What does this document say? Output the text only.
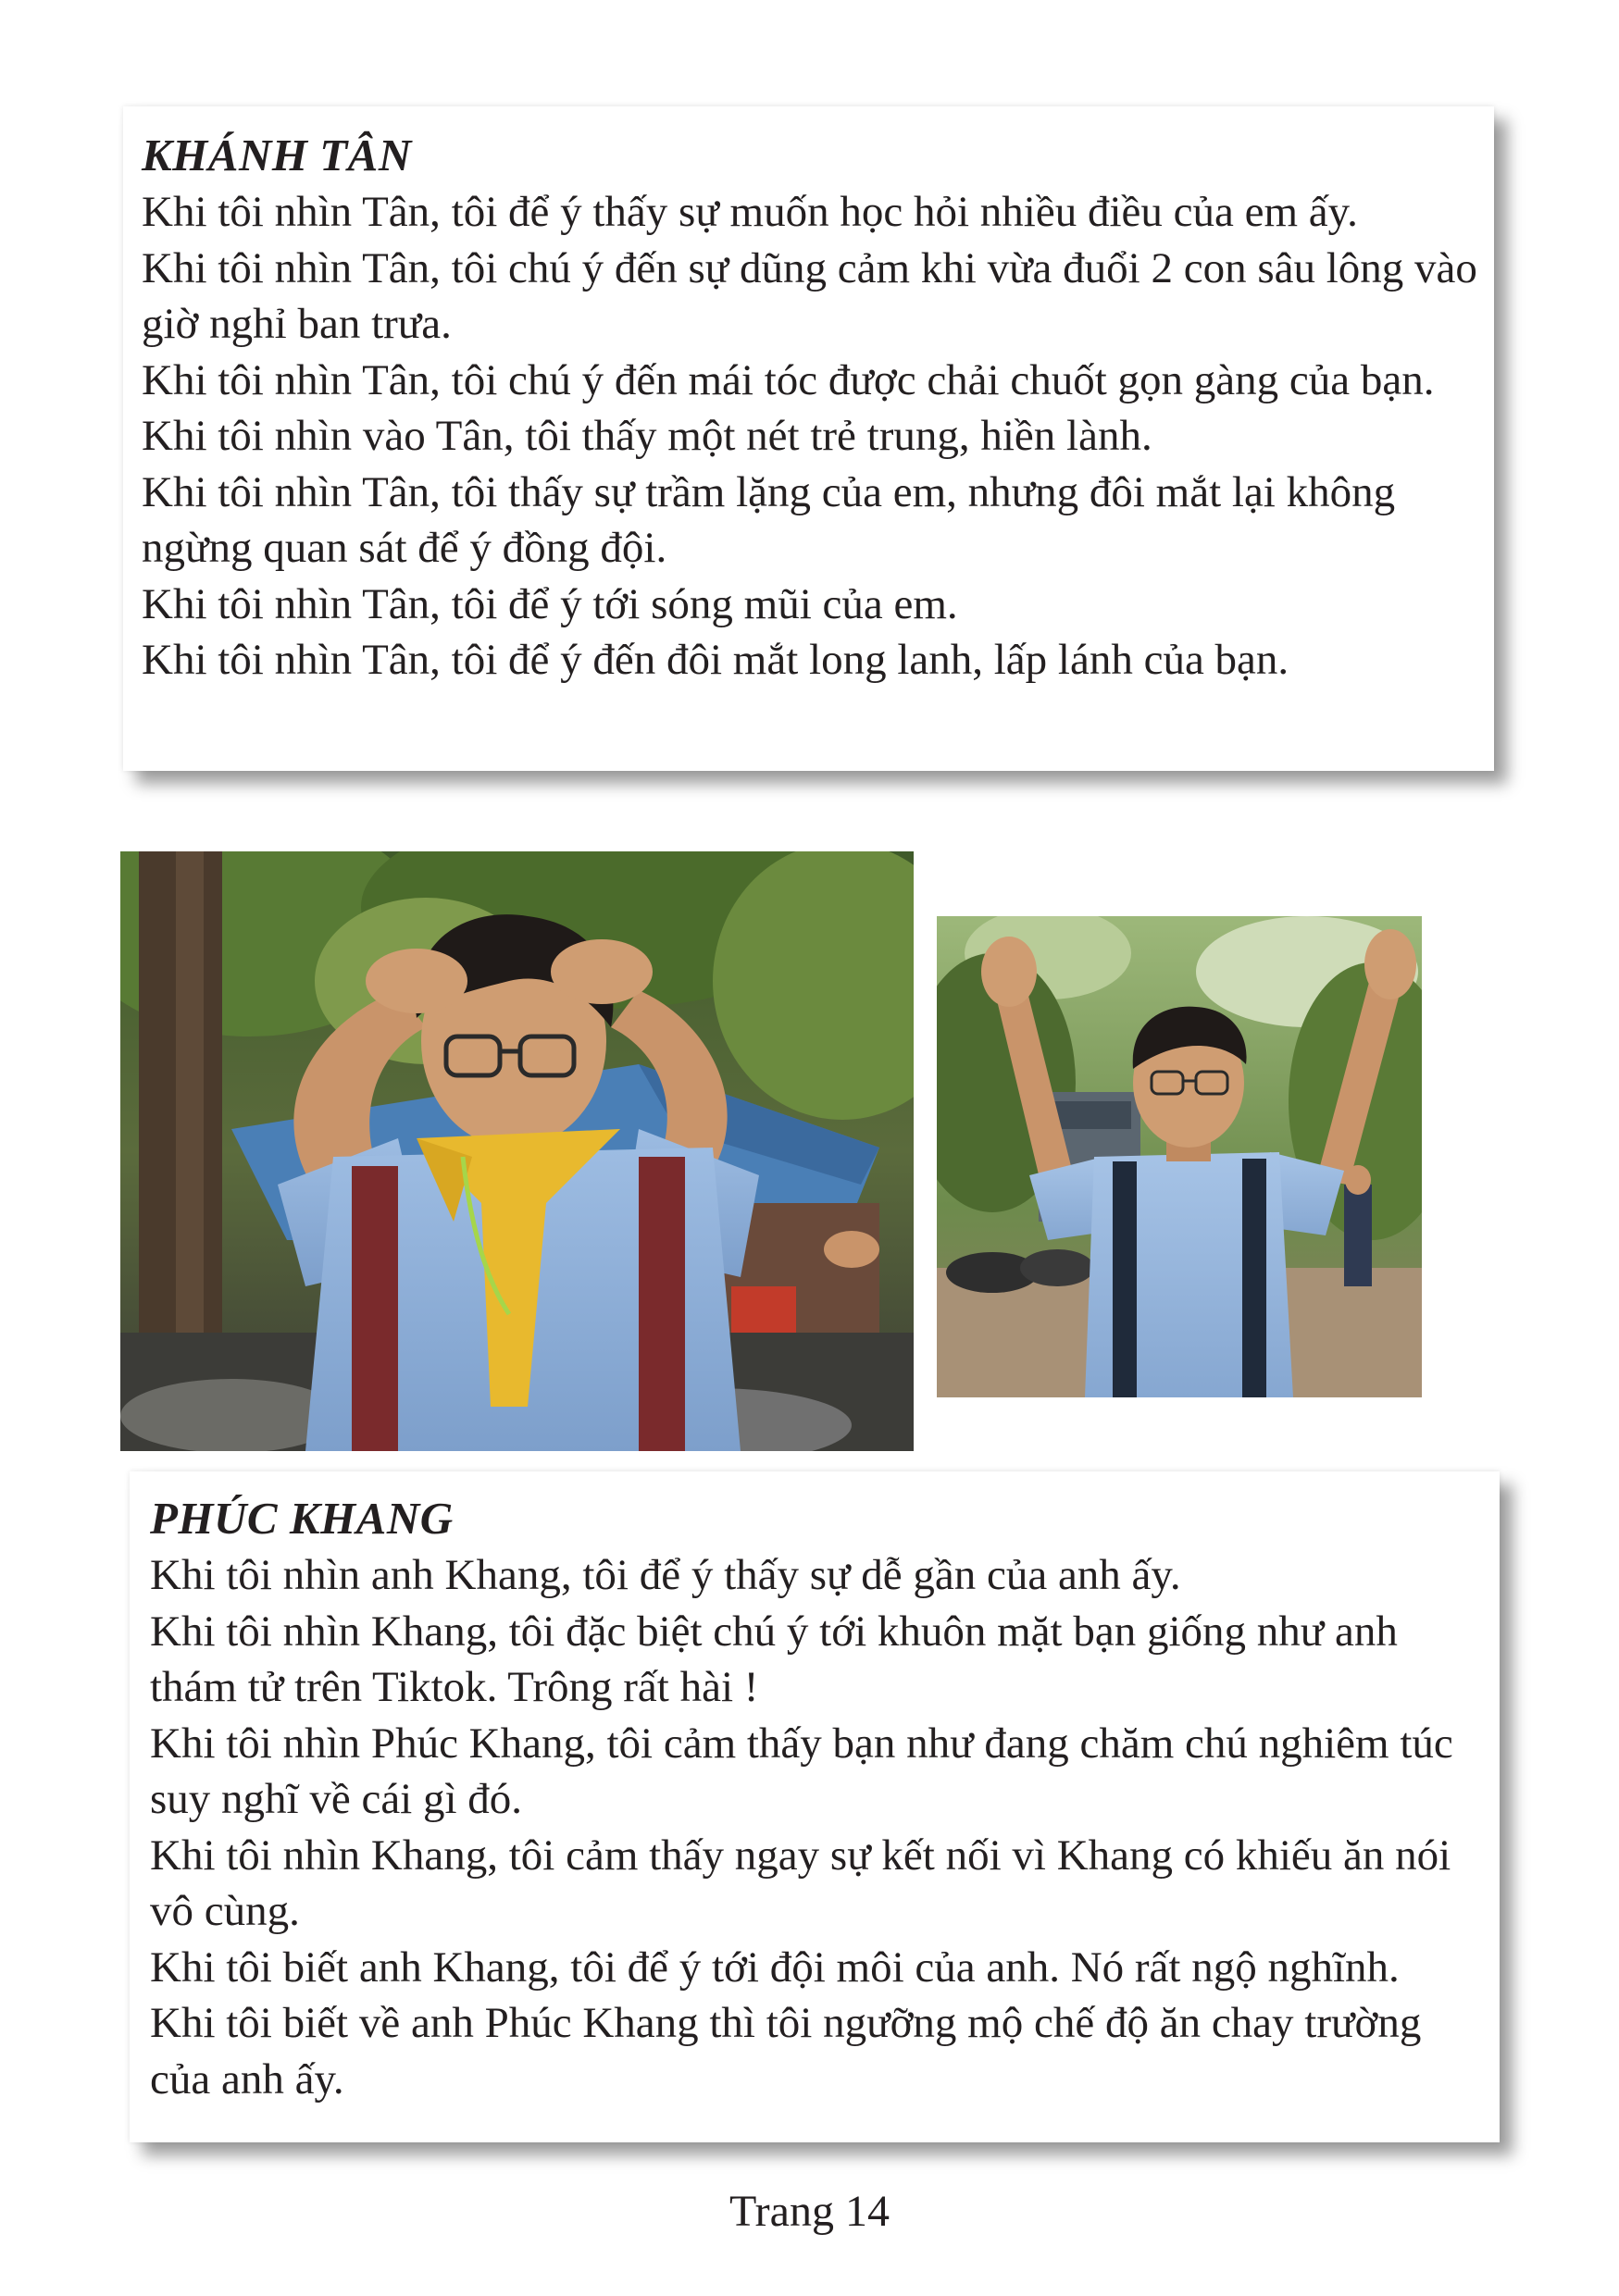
KHÁNH TÂN

Khi tôi nhìn Tân, tôi để ý thấy sự muốn học hỏi nhiều điều của em ấy.

Khi tôi nhìn Tân, tôi chú ý đến sự dũng cảm khi vừa đuổi 2 con sâu lông vào giờ nghỉ ban trưa.

Khi tôi nhìn Tân, tôi chú ý đến mái tóc được chải chuốt gọn gàng của bạn.

Khi tôi nhìn vào Tân, tôi thấy một nét trẻ trung, hiền lành.

Khi tôi nhìn Tân, tôi thấy sự trầm lặng của em, nhưng đôi mắt lại không ngừng quan sát để ý đồng đội.

Khi tôi nhìn Tân, tôi để ý tới sóng mũi của em.

Khi tôi nhìn Tân, tôi để ý đến đôi mắt long lanh, lấp lánh của bạn.

PHÚC KHANG

Khi tôi nhìn anh Khang, tôi để ý thấy sự dễ gần của anh ấy.

Khi tôi nhìn Khang, tôi đặc biệt chú ý tới khuôn mặt bạn giống như anh thám tử trên Tiktok. Trông rất hài !

Khi tôi nhìn Phúc Khang, tôi cảm thấy bạn như đang chăm chú nghiêm túc suy nghĩ về cái gì đó.

Khi tôi nhìn Khang, tôi cảm thấy ngay sự kết nối vì Khang có khiếu ăn nói vô cùng.

Khi tôi biết anh Khang, tôi để ý tới đội môi của anh. Nó rất ngộ nghĩnh.

Khi tôi biết về anh Phúc Khang thì tôi ngưỡng mộ chế độ ăn chay trường của anh ấy.

Trang 14
